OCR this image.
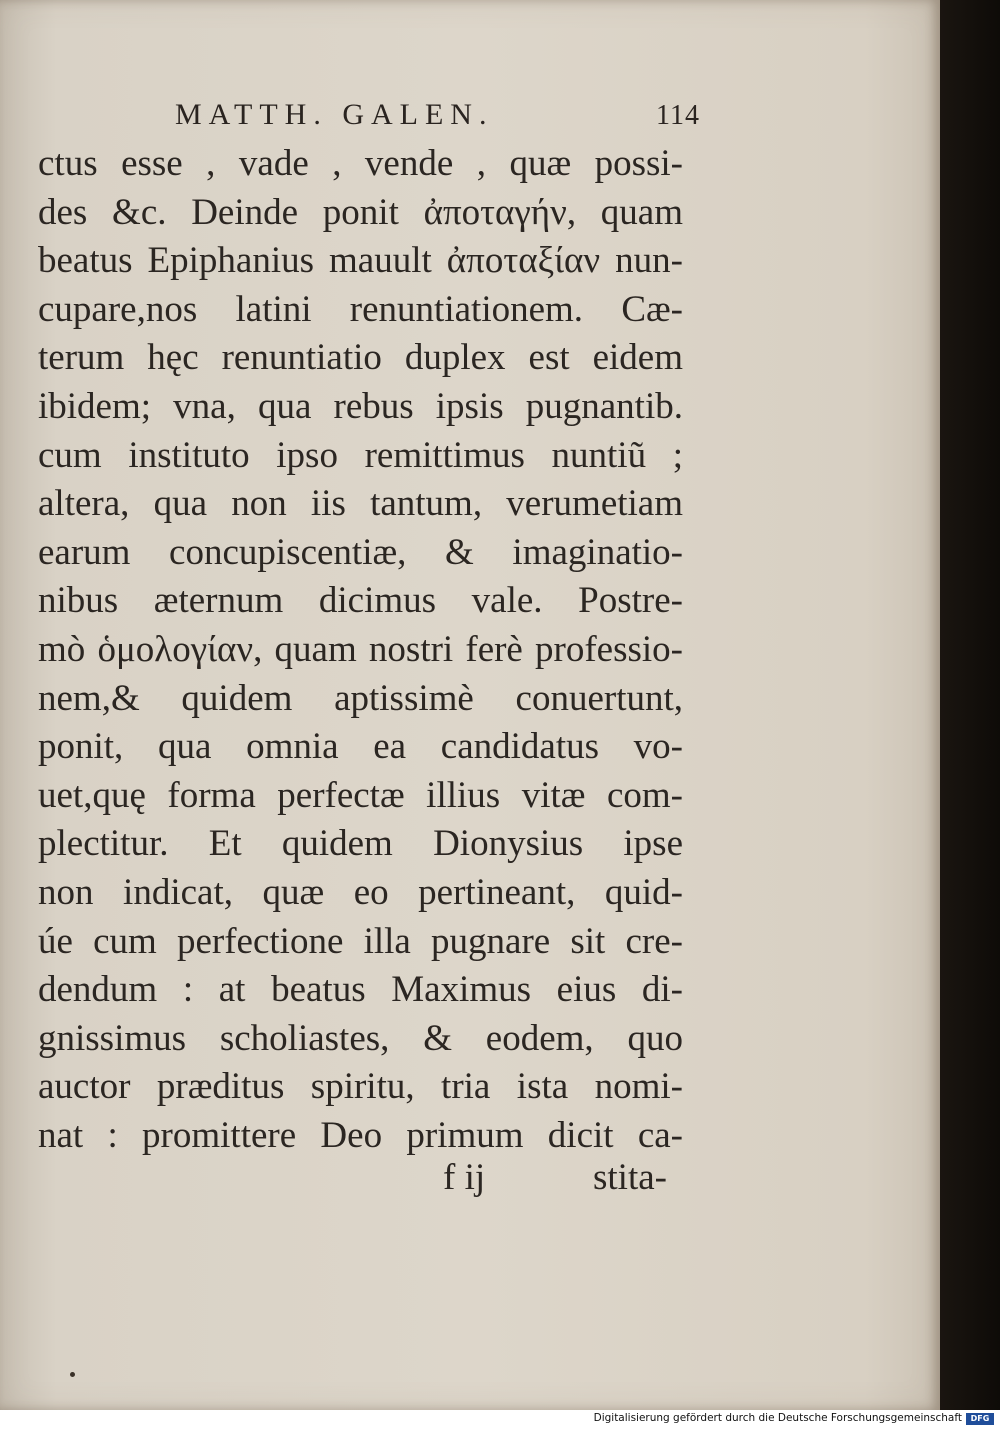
MATTH. GALEN.	114
ctus esse , vade , vende , quæ possi-
des &c. Deinde ponit ἀποταγήν, quam
beatus Epiphanius mauult ἀποταξίαν nun-
cupare,nos latini renuntiationem. Cæ-
terum hęc renuntiatio duplex est eidem
ibidem; vna, qua rebus ipsis pugnantib.
cum instituto ipso remittimus nuntiũ ;
altera, qua non iis tantum, verumetiam
earum concupiscentiæ, & imaginatio-
nibus æternum dicimus vale. Postre-
mò ὁμολογίαν, quam nostri ferè professio-
nem,& quidem aptissimè conuertunt,
ponit, qua omnia ea candidatus vo-
uet,quę forma perfectæ illius vitæ com-
plectitur. Et quidem Dionysius ipse
non indicat, quæ eo pertineant, quid-
úe cum perfectione illa pugnare sit cre-
dendum : at beatus Maximus eius di-
gnissimus scholiastes, & eodem, quo
auctor præditus spiritu, tria ista nomi-
nat : promittere Deo primum dicit ca-
f ij	stita-
Digitalisierung gefördert durch die Deutsche Forschungsgemeinschaft	DFG
